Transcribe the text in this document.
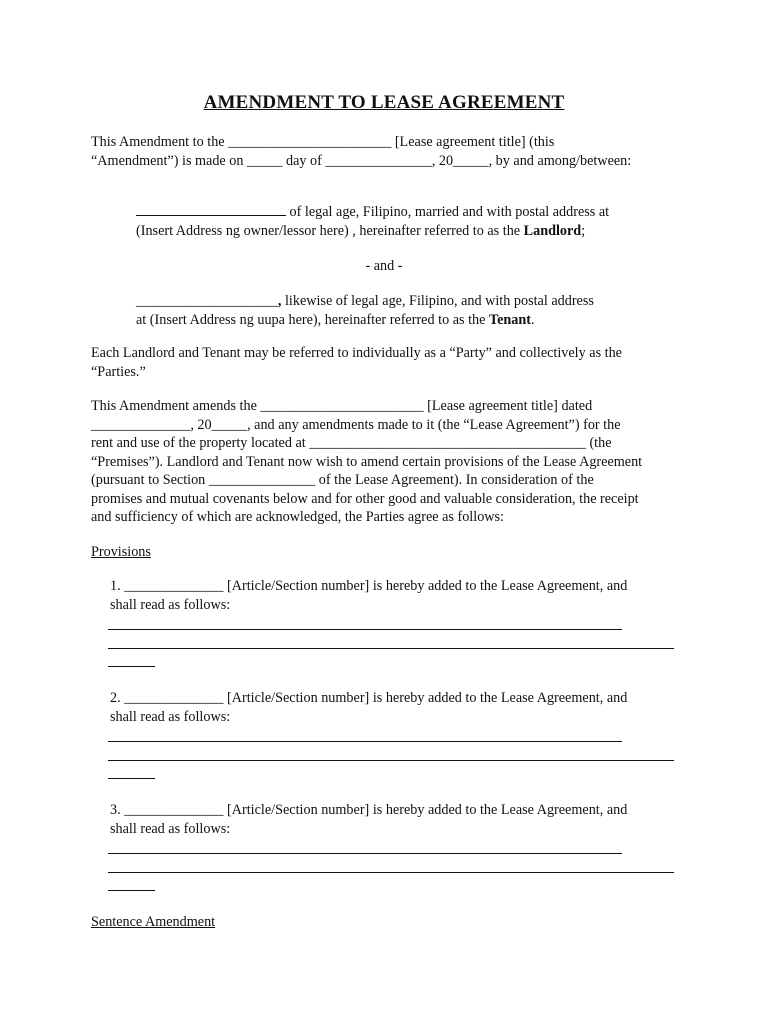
AMENDMENT TO LEASE AGREEMENT
This Amendment to the _______________________ [Lease agreement title] (this
“Amendment”) is made on _____ day of _______________, 20_____, by and among/between:
of legal age, Filipino, married and with postal address at
(Insert Address ng owner/lessor here) , hereinafter referred to as the Landlord;
- and -
____________________, likewise of legal age, Filipino, and with postal address
at (Insert Address ng uupa here), hereinafter referred to as the Tenant.
Each Landlord and Tenant may be referred to individually as a “Party” and collectively as the
“Parties.”
This Amendment amends the _______________________ [Lease agreement title] dated
______________, 20_____, and any amendments made to it (the “Lease Agreement”) for the
rent and use of the property located at _______________________________________ (the
“Premises”). Landlord and Tenant now wish to amend certain provisions of the Lease Agreement
(pursuant to Section _______________ of the Lease Agreement). In consideration of the
promises and mutual covenants below and for other good and valuable consideration, the receipt
and sufficiency of which are acknowledged, the Parties agree as follows:
Provisions
1. ______________ [Article/Section number] is hereby added to the Lease Agreement, and
shall read as follows:
2. ______________ [Article/Section number] is hereby added to the Lease Agreement, and
shall read as follows:
3. ______________ [Article/Section number] is hereby added to the Lease Agreement, and
shall read as follows:
Sentence Amendment
